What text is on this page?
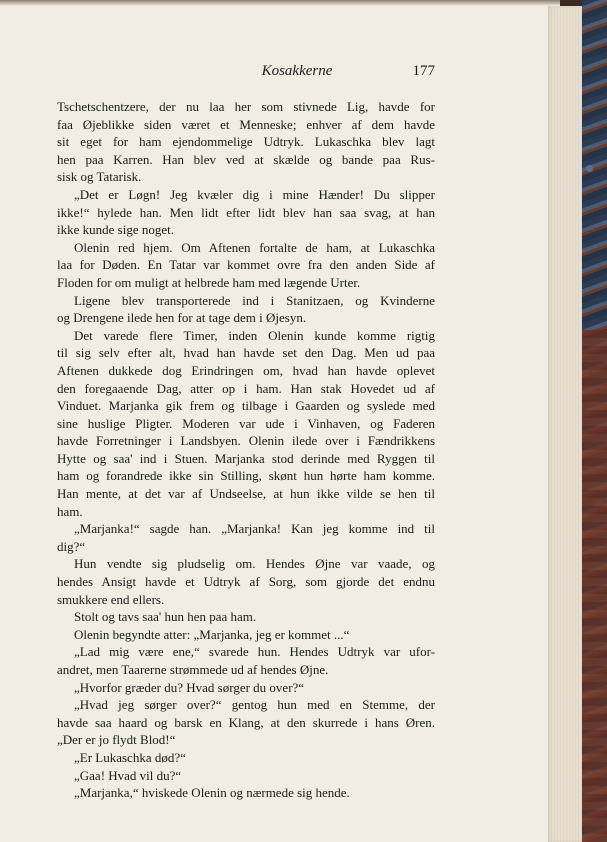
Kosakkerne	177
Tschetschentzere, der nu laa her som stivnede Lig, havde for
faa Øjeblikke siden været et Menneske; enhver af dem havde
sit eget for ham ejendommelige Udtryk. Lukaschka blev lagt
hen paa Karren. Han blev ved at skælde og bande paa Rus-
sisk og Tatarisk.
„Det er Løgn! Jeg kvæler dig i mine Hænder! Du slipper
ikke!“ hylede han. Men lidt efter lidt blev han saa svag, at han
ikke kunde sige noget.
Olenin red hjem. Om Aftenen fortalte de ham, at Lukaschka
laa for Døden. En Tatar var kommet ovre fra den anden Side af
Floden for om muligt at helbrede ham med lægende Urter.
Ligene blev transporterede ind i Stanitzaen, og Kvinderne
og Drengene ilede hen for at tage dem i Øjesyn.
Det varede flere Timer, inden Olenin kunde komme rigtig
til sig selv efter alt, hvad han havde set den Dag. Men ud paa
Aftenen dukkede dog Erindringen om, hvad han havde oplevet
den foregaaende Dag, atter op i ham. Han stak Hovedet ud af
Vinduet. Marjanka gik frem og tilbage i Gaarden og syslede med
sine huslige Pligter. Moderen var ude i Vinhaven, og Faderen
havde Forretninger i Landsbyen. Olenin ilede over i Fændrikkens
Hytte og saa' ind i Stuen. Marjanka stod derinde med Ryggen til
ham og forandrede ikke sin Stilling, skønt hun hørte ham komme.
Han mente, at det var af Undseelse, at hun ikke vilde se hen til
ham.
„Marjanka!“ sagde han. „Marjanka! Kan jeg komme ind til
dig?“
Hun vendte sig pludselig om. Hendes Øjne var vaade, og
hendes Ansigt havde et Udtryk af Sorg, som gjorde det endnu
smukkere end ellers.
Stolt og tavs saa' hun hen paa ham.
Olenin begyndte atter: „Marjanka, jeg er kommet ...“
„Lad mig være ene,“ svarede hun. Hendes Udtryk var ufor-
andret, men Taarerne strømmede ud af hendes Øjne.
„Hvorfor græder du? Hvad sørger du over?“
„Hvad jeg sørger over?“ gentog hun med en Stemme, der
havde saa haard og barsk en Klang, at den skurrede i hans Øren.
„Der er jo flydt Blod!“
„Er Lukaschka død?“
„Gaa! Hvad vil du?“
„Marjanka,“ hviskede Olenin og nærmede sig hende.
